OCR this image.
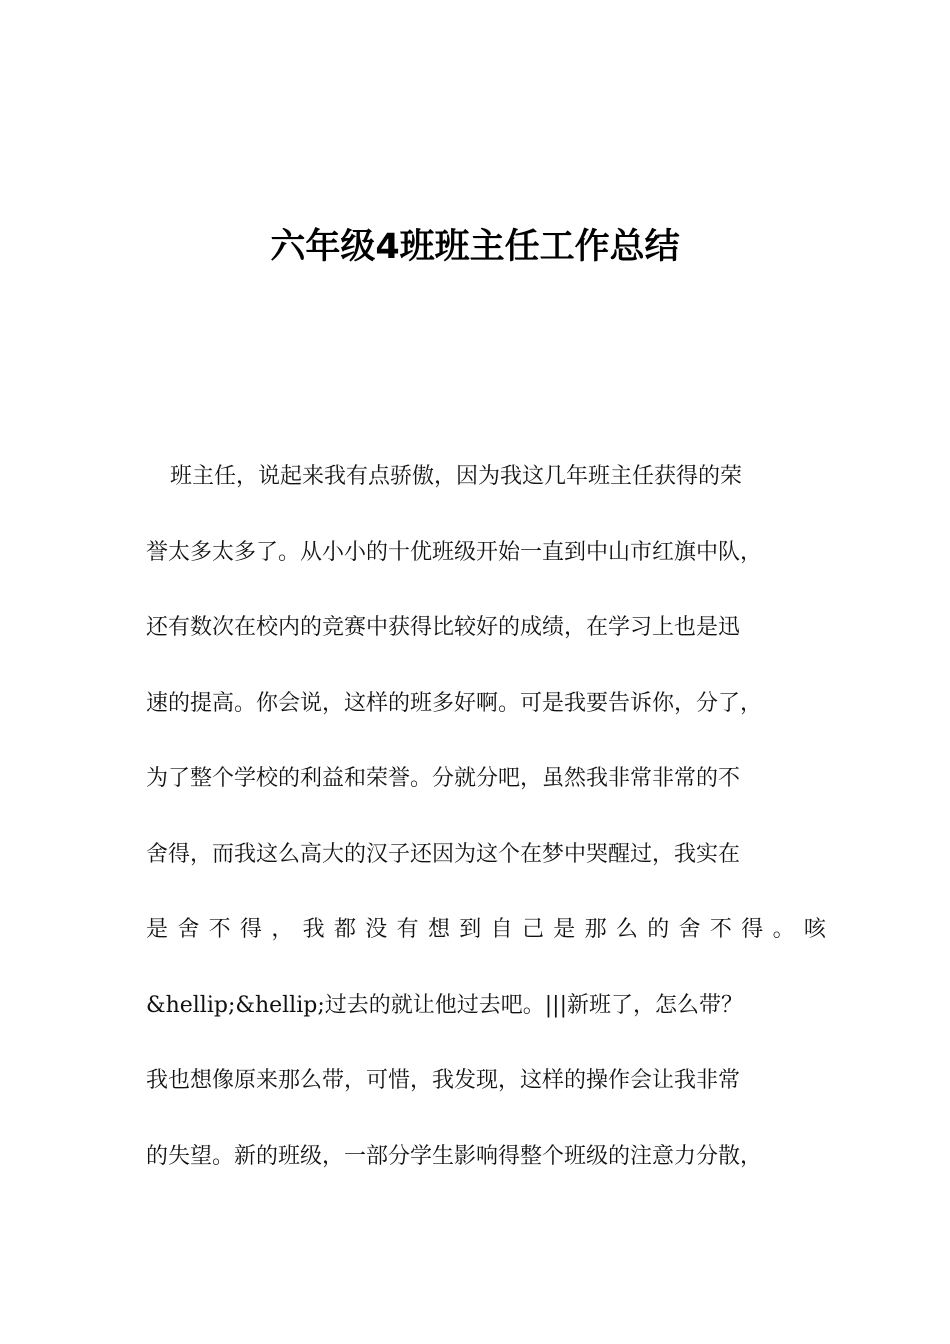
六年级4班班主任工作总结
班主任，说起来我有点骄傲，因为我这几年班主任获得的荣
誉太多太多了。从小小的十优班级开始一直到中山市红旗中队，
还有数次在校内的竞赛中获得比较好的成绩，在学习上也是迅
速的提高。你会说，这样的班多好啊。可是我要告诉你，分了，
为了整个学校的利益和荣誉。分就分吧，虽然我非常非常的不
舍得，而我这么高大的汉子还因为这个在梦中哭醒过，我实在
是 舍 不 得 ， 我 都 没 有 想 到 自 己 是 那 么 的 舍 不 得 。 咳
&hellip;&hellip;过去的就让他过去吧。|||新班了，怎么带？
我也想像原来那么带，可惜，我发现，这样的操作会让我非常
的失望。新的班级，一部分学生影响得整个班级的注意力分散，
